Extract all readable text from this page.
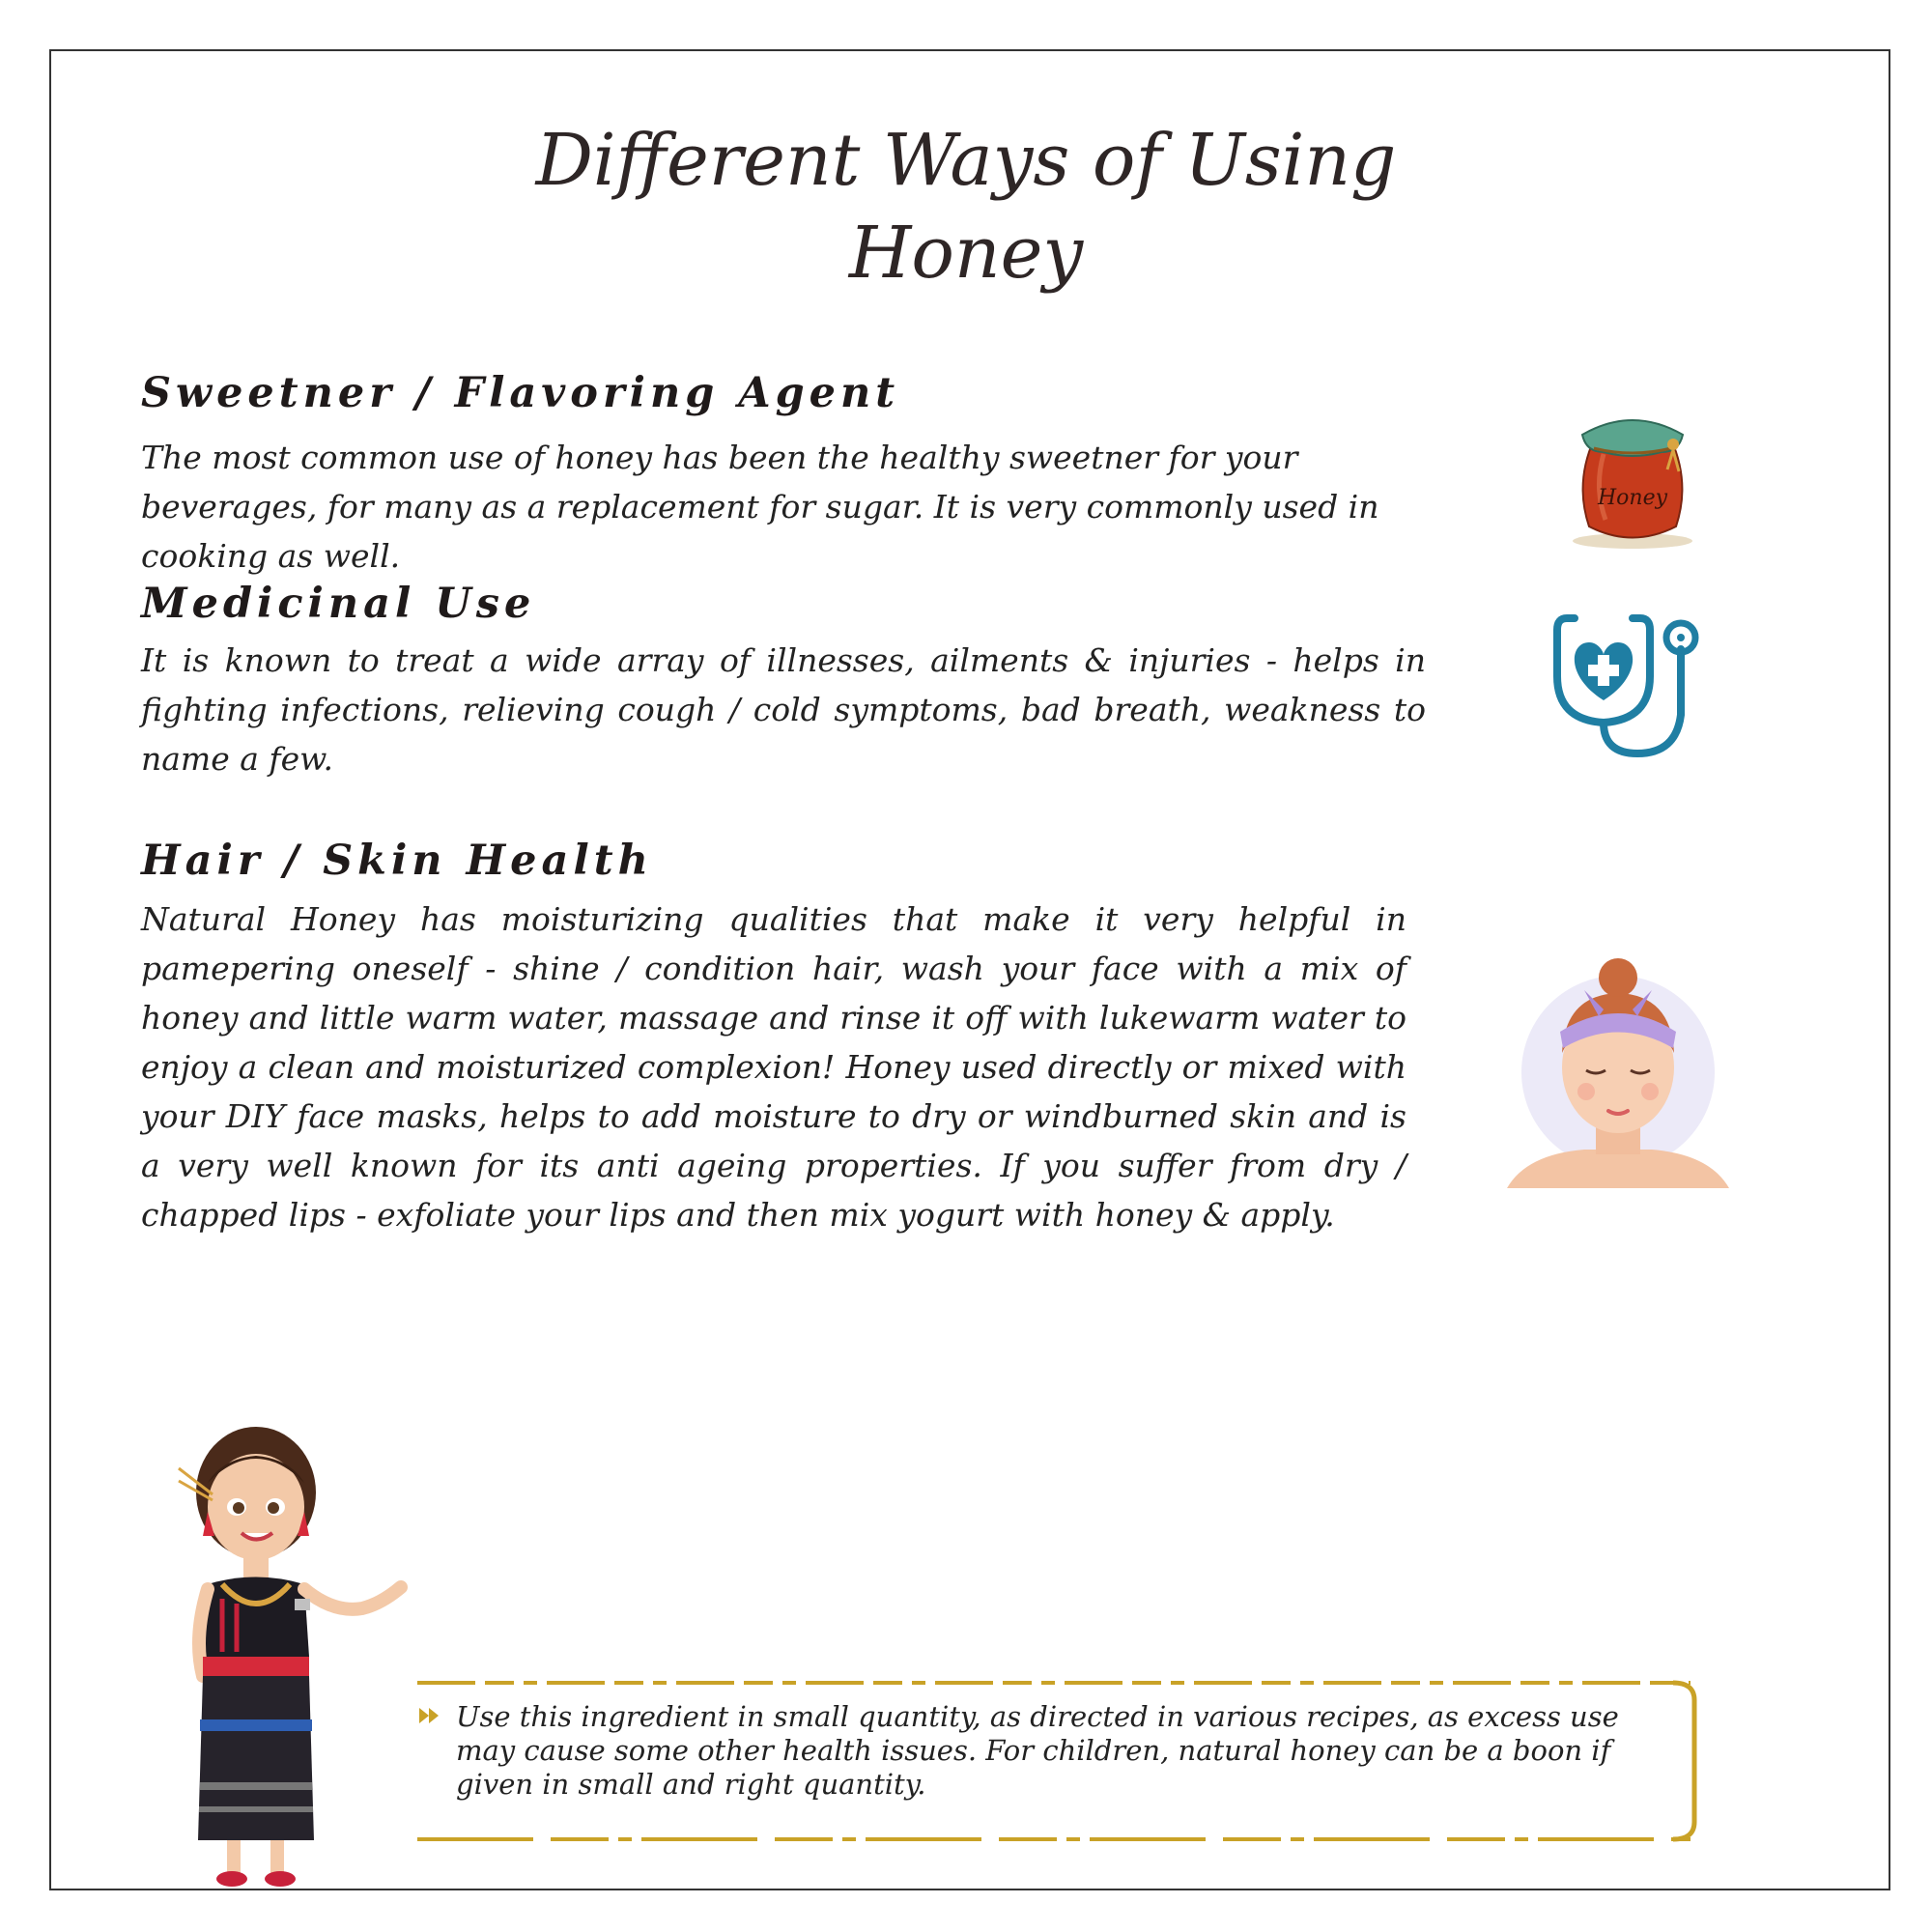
Different Ways of Using
Honey
Sweetner / Flavoring Agent

The most common use of honey has been the healthy sweetner for your beverages, for many as a replacement for sugar. It is very commonly used in cooking as well.

Medicinal Use

It is known to treat a wide array of illnesses, ailments & injuries - helps in fighting infections, relieving cough / cold symptoms, bad breath, weakness to name a few.

Hair / Skin Health

Natural Honey has moisturizing qualities that make it very helpful in pamepering oneself - shine / condition hair, wash your face with a mix of honey and little warm water, massage and rinse it off with lukewarm water to enjoy a clean and moisturized complexion! Honey used directly or mixed with your DIY face masks, helps to add moisture to dry or windburned skin and is a very well known for its anti ageing properties. If you suffer from dry / chapped lips - exfoliate your lips and then mix yogurt with honey & apply.

Honey

Use this ingredient in small quantity, as directed in various recipes, as excess use may cause some other health issues. For children, natural honey can be a boon if given in small and right quantity.
